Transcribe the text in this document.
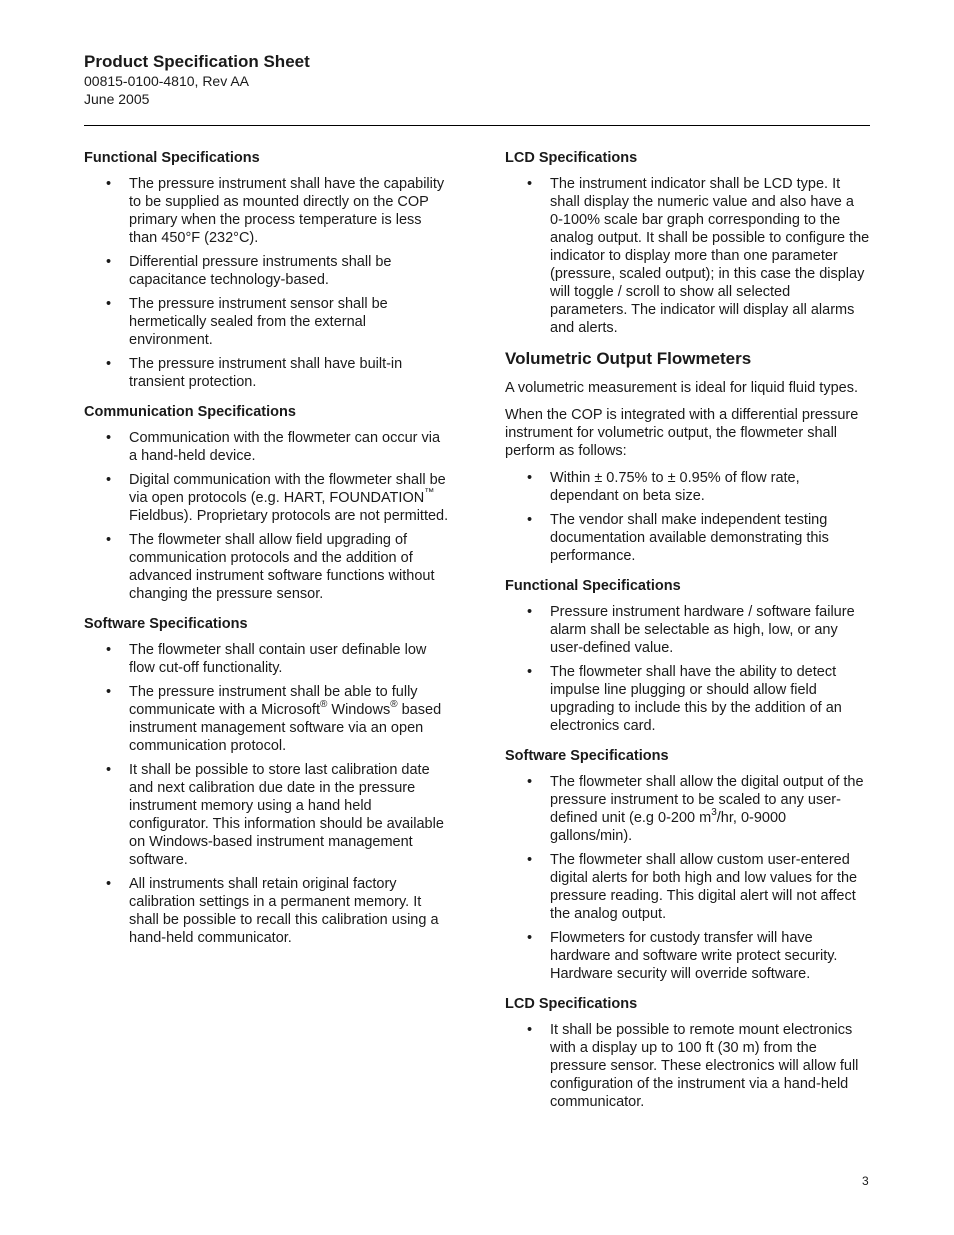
Product Specification Sheet

00815-0100-4810, Rev AA

June 2005

Functional Specifications

• The pressure instrument shall have the capability to be supplied as mounted directly on the COP primary when the process temperature is less than 450°F (232°C).
• Differential pressure instruments shall be capacitance technology-based.
• The pressure instrument sensor shall be hermetically sealed from the external environment.
• The pressure instrument shall have built-in transient protection.

Communication Specifications

• Communication with the flowmeter can occur via a hand-held device.
• Digital communication with the flowmeter shall be via open protocols (e.g. HART, FOUNDATION™ Fieldbus). Proprietary protocols are not permitted.
• The flowmeter shall allow field upgrading of communication protocols and the addition of advanced instrument software functions without changing the pressure sensor.

Software Specifications

• The flowmeter shall contain user definable low flow cut-off functionality.
• The pressure instrument shall be able to fully communicate with a Microsoft® Windows® based instrument management software via an open communication protocol.
• It shall be possible to store last calibration date and next calibration due date in the pressure instrument memory using a hand held configurator. This information should be available on Windows-based instrument management software.
• All instruments shall retain original factory calibration settings in a permanent memory. It shall be possible to recall this calibration using a hand-held communicator.

LCD Specifications

• The instrument indicator shall be LCD type. It shall display the numeric value and also have a 0-100% scale bar graph corresponding to the analog output. It shall be possible to configure the indicator to display more than one parameter (pressure, scaled output); in this case the display will toggle / scroll to show all selected parameters. The indicator will display all alarms and alerts.

Volumetric Output Flowmeters

A volumetric measurement is ideal for liquid fluid types.

When the COP is integrated with a differential pressure instrument for volumetric output, the flowmeter shall perform as follows:

• Within ± 0.75% to ± 0.95% of flow rate, dependant on beta size.
• The vendor shall make independent testing documentation available demonstrating this performance.

Functional Specifications

• Pressure instrument hardware / software failure alarm shall be selectable as high, low, or any user-defined value.
• The flowmeter shall have the ability to detect impulse line plugging or should allow field upgrading to include this by the addition of an electronics card.

Software Specifications

• The flowmeter shall allow the digital output of the pressure instrument to be scaled to any user-defined unit (e.g 0-200 $m^3/hr$, 0-9000 gallons/min).
• The flowmeter shall allow custom user-entered digital alerts for both high and low values for the pressure reading. This digital alert will not affect the analog output.
• Flowmeters for custody transfer will have hardware and software write protect security. Hardware security will override software.

LCD Specifications

• It shall be possible to remote mount electronics with a display up to 100 ft (30 m) from the pressure sensor. These electronics will allow full configuration of the instrument via a hand-held communicator.
3
